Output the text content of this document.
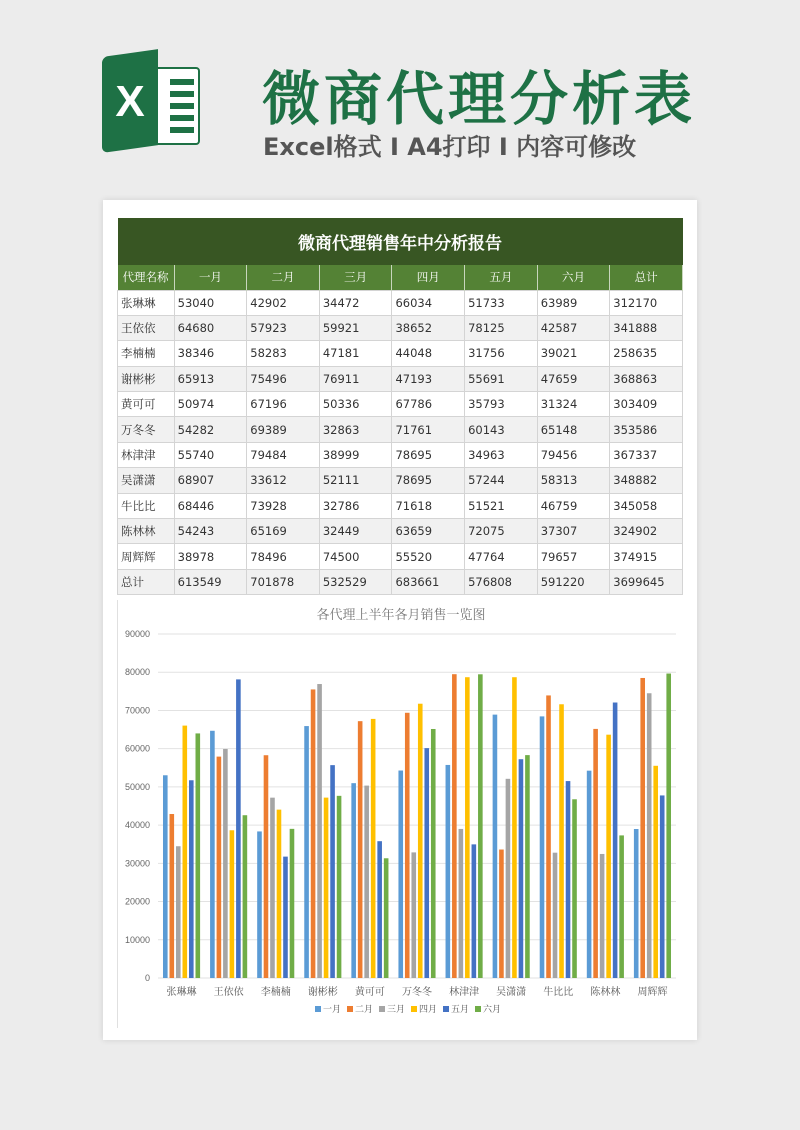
X 微商代理分析表
Excel格式 Ⅰ A4打印 Ⅰ 内容可修改
微商代理销售年中分析报告							
代理名称	一月	二月	三月	四月	五月	六月	总计
张琳琳	53040	42902	34472	66034	51733	63989	312170
王依依	64680	57923	59921	38652	78125	42587	341888
李楠楠	38346	58283	47181	44048	31756	39021	258635
谢彬彬	65913	75496	76911	47193	55691	47659	368863
黄可可	50974	67196	50336	67786	35793	31324	303409
万冬冬	54282	69389	32863	71761	60143	65148	353586
林津津	55740	79484	38999	78695	34963	79456	367337
吴潇潇	68907	33612	52111	78695	57244	58313	348882
牛比比	68446	73928	32786	71618	51521	46759	345058
陈林林	54243	65169	32449	63659	72075	37307	324902
周辉辉	38978	78496	74500	55520	47764	79657	374915
总计	613549	701878	532529	683661	576808	591220	3699645
各代理上半年各月销售一览图
0
10000
20000
30000
40000
50000
60000
70000
80000
90000
张琳琳 王依依 李楠楠 谢彬彬 黄可可 万冬冬 林津津 吴潇潇 牛比比 陈林林 周辉辉
一月 二月 三月 四月 五月 六月
